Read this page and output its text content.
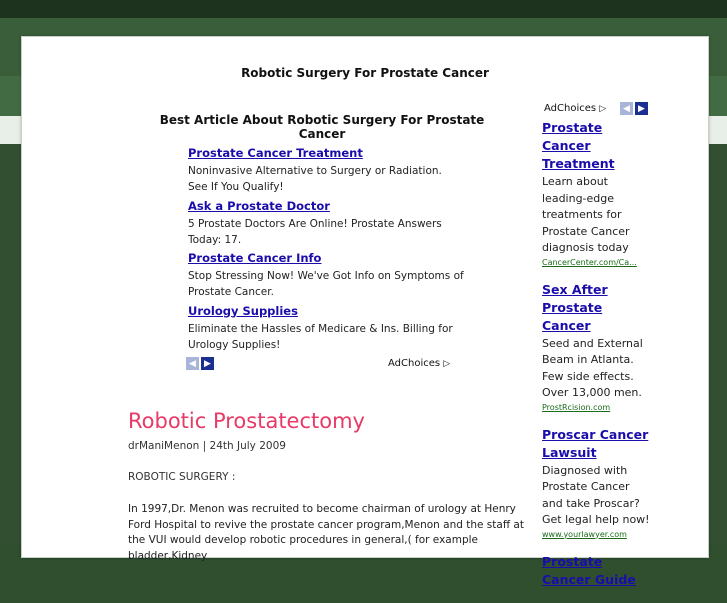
Robotic Surgery For Prostate Cancer
Best Article About Robotic Surgery For Prostate Cancer
Prostate Cancer Treatment

Noninvasive Alternative to Surgery or Radiation. See If You Qualify!

Ask a Prostate Doctor

5 Prostate Doctors Are Online! Prostate Answers Today: 17.

Prostate Cancer Info

Stop Stressing Now! We've Got Info on Symptoms of Prostate Cancer.

Urology Supplies

Eliminate the Hassles of Medicare & Ins. Billing for Urology Supplies!

◀ ▶	AdChoices ▷
AdChoices ▷	◀ ▶
Robotic Prostatectomy
drManiMenon | 24th July 2009
ROBOTIC SURGERY :

In 1997,Dr. Menon was recruited to become chairman of urology at Henry Ford Hospital to revive the prostate cancer program,Menon and the staff at the VUI would develop robotic procedures in general,( for example bladder,Kidney

Prostate Cancer Treatment

Learn about leading-edge treatments for Prostate Cancer diagnosis today

CancerCenter.com/Ca...
Sex After Prostate Cancer

Seed and External Beam in Atlanta. Few side effects. Over 13,000 men.

ProstRcision.com
Proscar Cancer Lawsuit

Diagnosed with Prostate Cancer and take Proscar? Get legal help now!

www.yourlawyer.com
Prostate Cancer Guide
